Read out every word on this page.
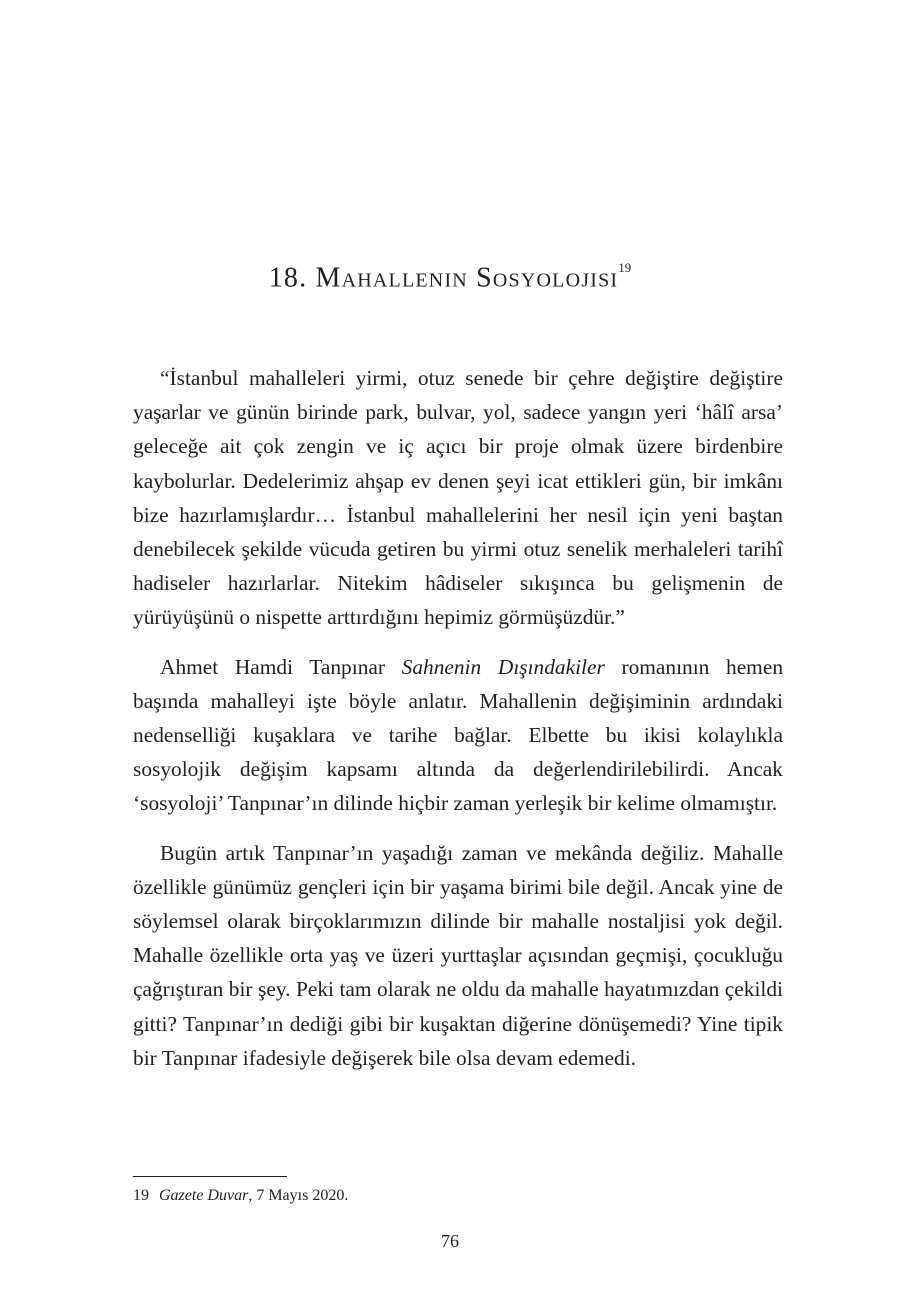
18. Mahallenin Sosyolojisi$^{19}$

“İstanbul mahalleleri yirmi, otuz senede bir çehre değiştire değiştire yaşarlar ve günün birinde park, bulvar, yol, sadece yangın yeri ‘hâlî arsa’ geleceğe ait çok zengin ve iç açıcı bir proje olmak üzere birdenbire kaybolurlar. Dedelerimiz ahşap ev denen şeyi icat ettikleri gün, bir imkânı bize hazırlamışlardır… İstanbul mahallelerini her nesil için yeni baştan denebilecek şekilde vücuda getiren bu yirmi otuz senelik merhaleleri tarihî hadiseler hazırlarlar. Nitekim hâdiseler sıkışınca bu gelişmenin de yürüyüşünü o nispette arttırdığını hepimiz görmüşüzdür.”

Ahmet Hamdi Tanpınar Sahnenin Dışındakiler romanının hemen başında mahalleyi işte böyle anlatır. Mahallenin değişiminin ardındaki nedenselliği kuşaklara ve tarihe bağlar. Elbette bu ikisi kolaylıkla sosyolojik değişim kapsamı altında da değerlendirilebilirdi. Ancak ‘sosyoloji’ Tanpınar’ın dilinde hiçbir zaman yerleşik bir kelime olmamıştır.

Bugün artık Tanpınar’ın yaşadığı zaman ve mekânda değiliz. Mahalle özellikle günümüz gençleri için bir yaşama birimi bile değil. Ancak yine de söylemsel olarak birçoklarımızın dilinde bir mahalle nostaljisi yok değil. Mahalle özellikle orta yaş ve üzeri yurttaşlar açısından geçmişi, çocukluğu çağrıştıran bir şey. Peki tam olarak ne oldu da mahalle hayatımızdan çekildi gitti? Tanpınar’ın dediği gibi bir kuşaktan diğerine dönüşemedi? Yine tipik bir Tanpınar ifadesiyle değişerek bile olsa devam edemedi.

19 Gazete Duvar, 7 Mayıs 2020.
76
